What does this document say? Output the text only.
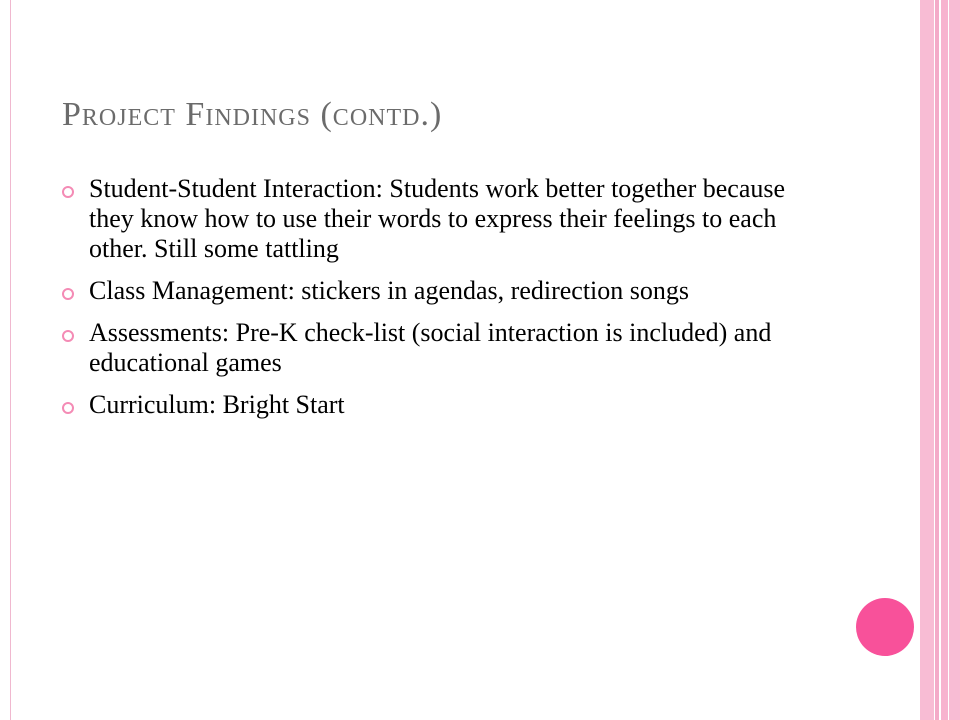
Project Findings (contd.)
Student-Student Interaction: Students work better together because they know how to use their words to express their feelings to each other. Still some tattling
Class Management: stickers in agendas, redirection songs
Assessments: Pre-K check-list (social interaction is included) and educational games
Curriculum: Bright Start
